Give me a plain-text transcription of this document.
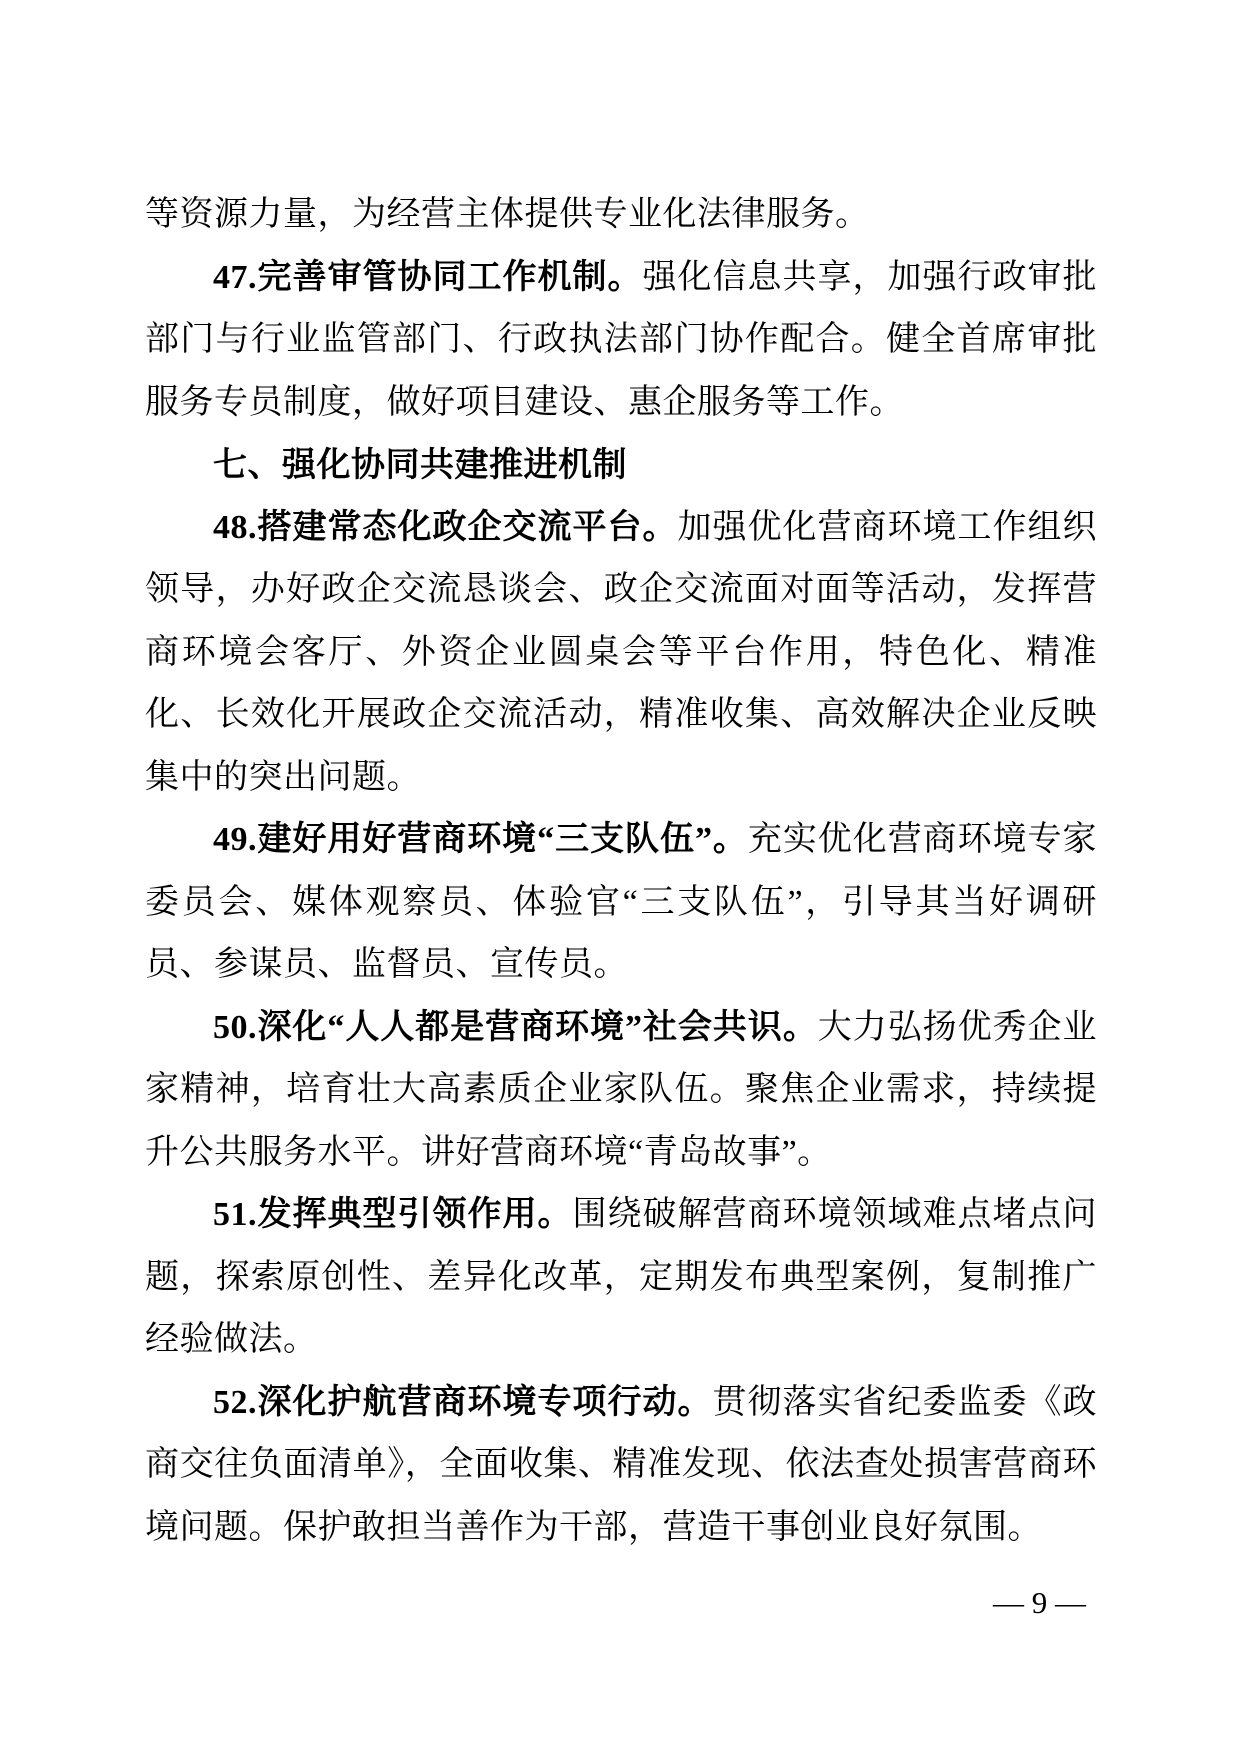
等资源力量，为经营主体提供专业化法律服务。

47.完善审管协同工作机制。强化信息共享，加强行政审批部门与行业监管部门、行政执法部门协作配合。健全首席审批服务专员制度，做好项目建设、惠企服务等工作。

七、强化协同共建推进机制

48.搭建常态化政企交流平台。加强优化营商环境工作组织领导，办好政企交流恳谈会、政企交流面对面等活动，发挥营商环境会客厅、外资企业圆桌会等平台作用，特色化、精准化、长效化开展政企交流活动，精准收集、高效解决企业反映集中的突出问题。

49.建好用好营商环境“三支队伍”。充实优化营商环境专家委员会、媒体观察员、体验官“三支队伍”，引导其当好调研员、参谋员、监督员、宣传员。

50.深化“人人都是营商环境”社会共识。大力弘扬优秀企业家精神，培育壮大高素质企业家队伍。聚焦企业需求，持续提升公共服务水平。讲好营商环境“青岛故事”。

51.发挥典型引领作用。围绕破解营商环境领域难点堵点问题，探索原创性、差异化改革，定期发布典型案例，复制推广经验做法。

52.深化护航营商环境专项行动。贯彻落实省纪委监委《政商交往负面清单》，全面收集、精准发现、依法查处损害营商环境问题。保护敢担当善作为干部，营造干事创业良好氛围。

— 9 —
